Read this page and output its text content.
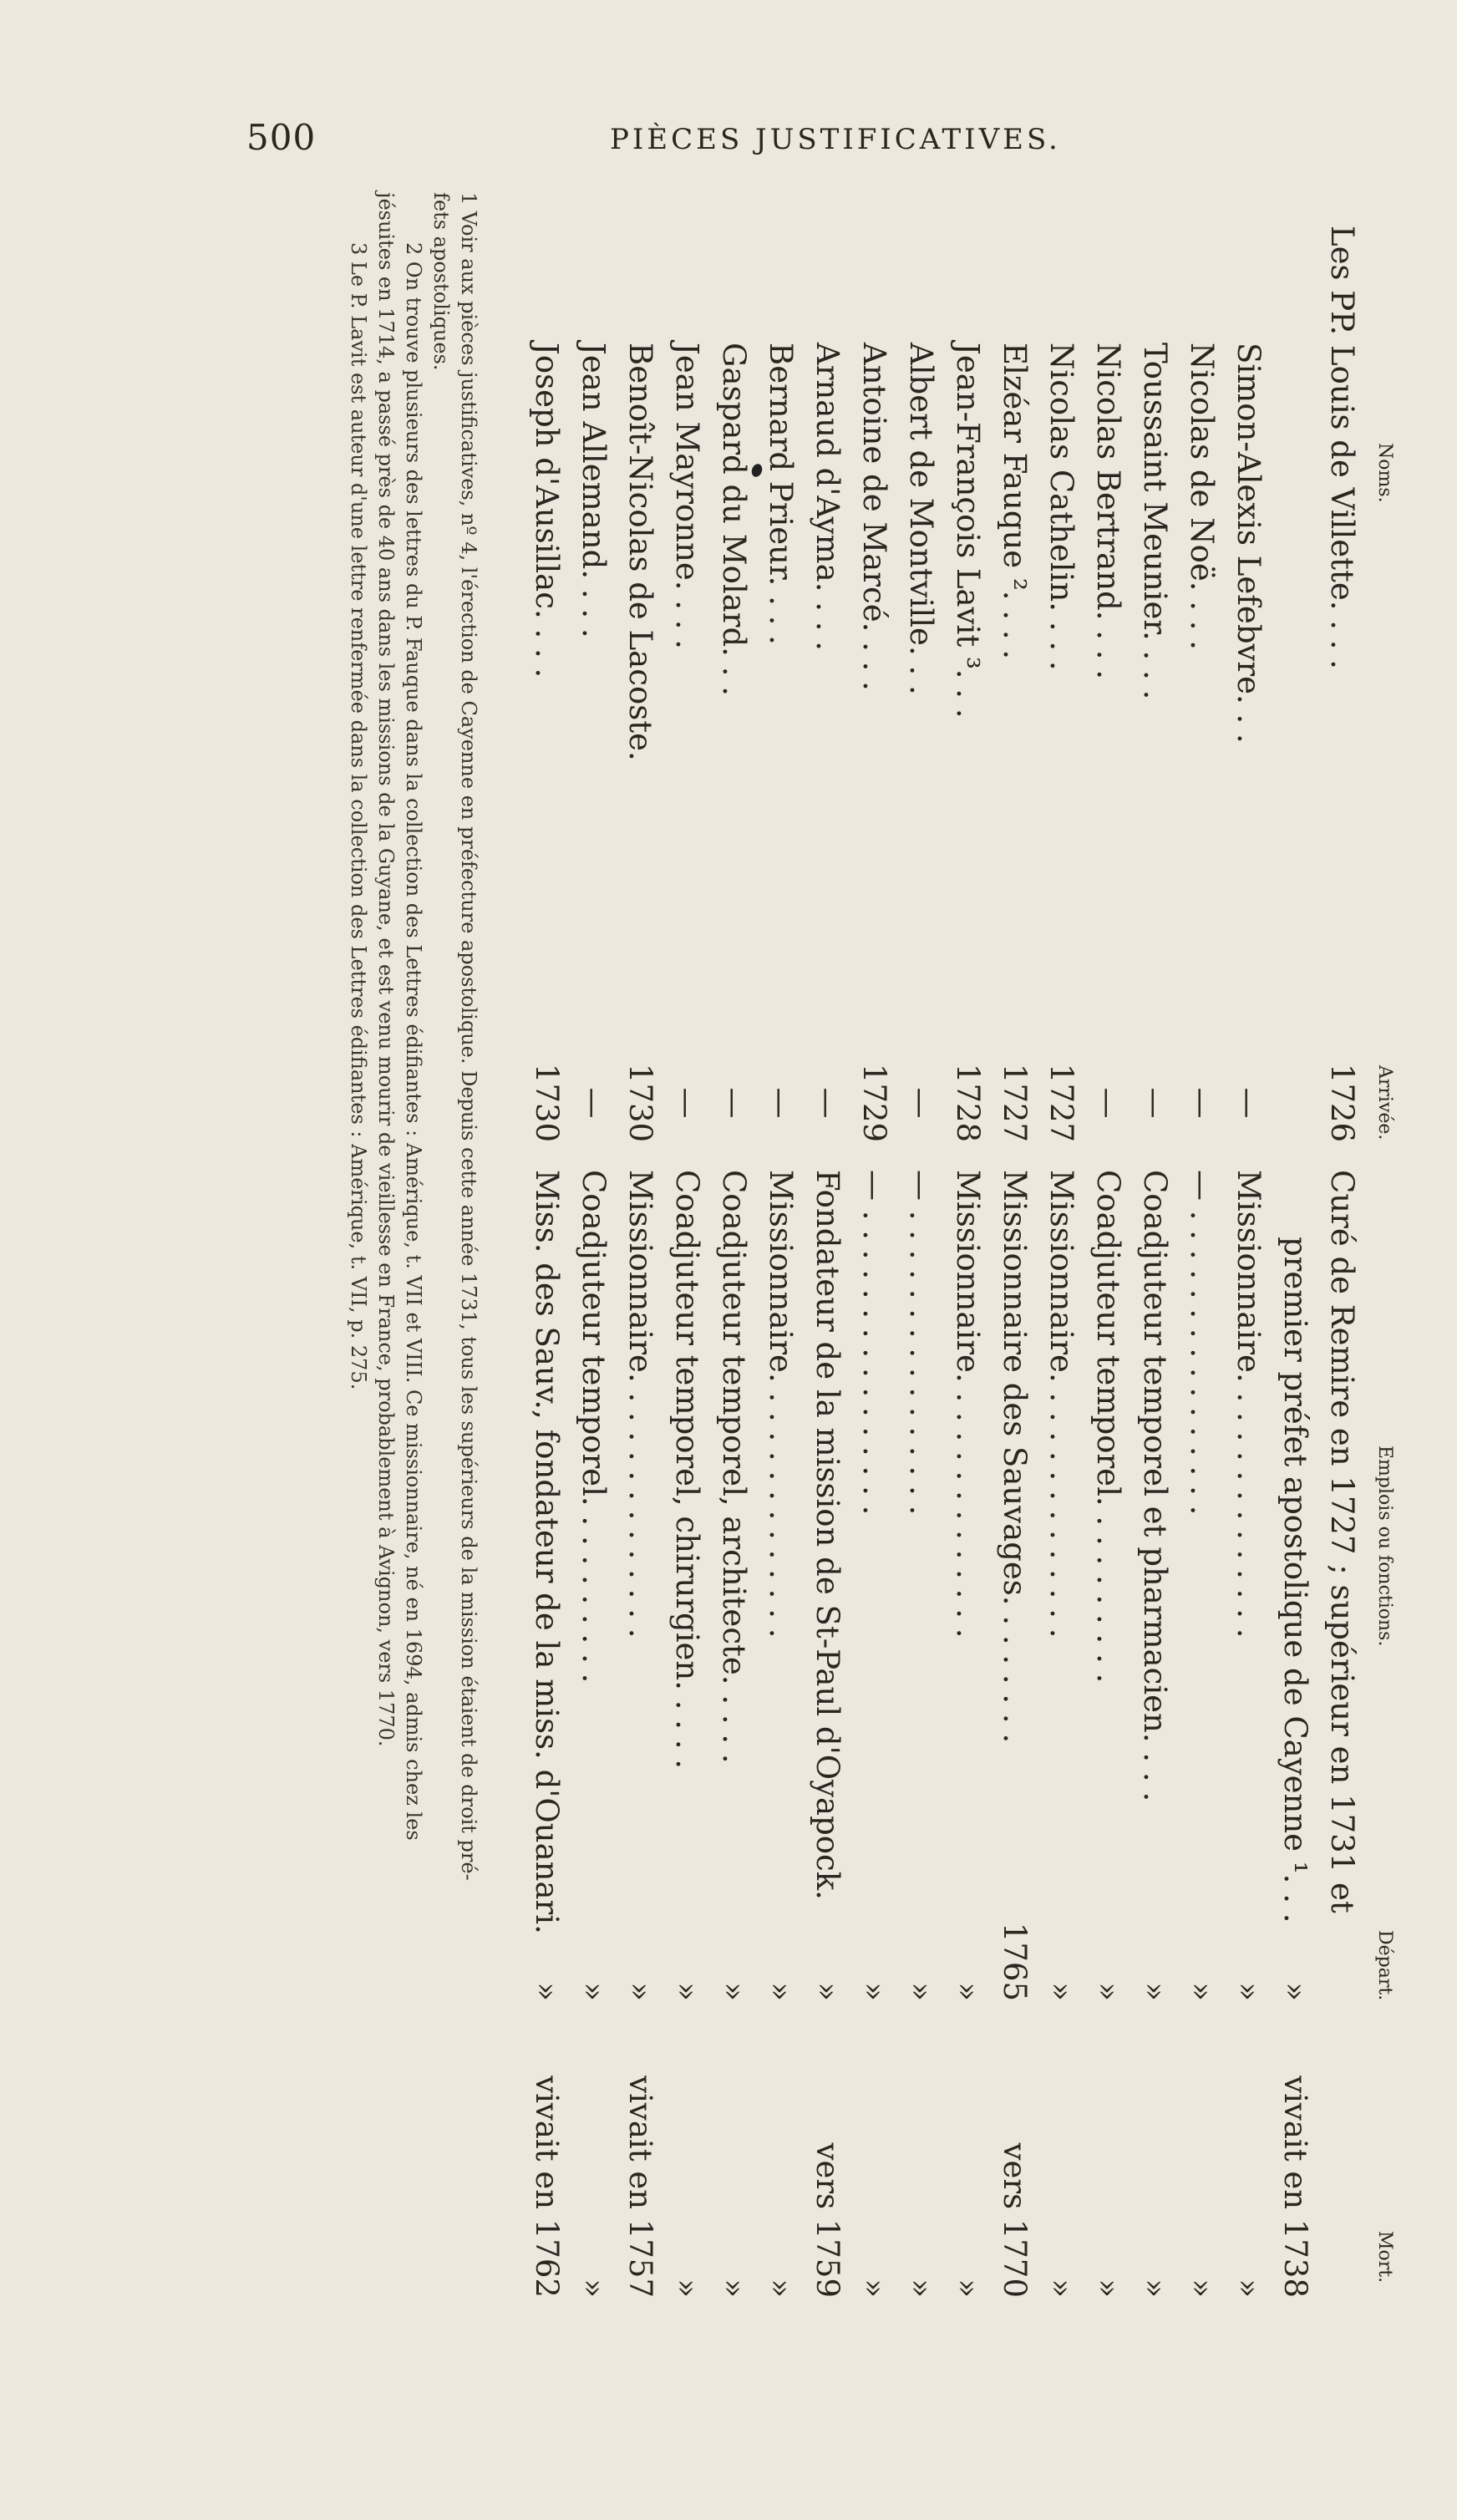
500	PIÈCES JUSTIFICATIVES.
Noms.
Arrivée.
Emplois ou fonctions.
Départ.
Mort.
Les PP. Louis de Villette. . . .
1726
Curé de Remire en 1727 ; supérieur en 1731 et
premier préfet apostolique de Cayenne ¹. . .
»
vivait en 1738
Simon-Alexis Lefebvre. . .
—
Missionnaire. . . . . . . . . . . . . .
»
»
Nicolas de Noë. . . .
—
— . . . . . . . . . . . . . . . .
»
»
Toussaint Meunier. . . .
—
Coadjuteur temporel et pharmacien. . . .
»
»
Nicolas Bertrand. . . .
—
Coadjuteur temporel. . . . . . . . . .
»
»
Nicolas Cathelin. . . .
1727
Missionnaire. . . . . . . . . . . . . .
»
»
Elzéar Fauque ². . . .
1727
Missionnaire des Sauvages. . . . . . . .
1765
vers 1770
Jean-François Lavit ³. . .
1728
Missionnaire. . . . . . . . . . . . . .
»
»
Albert de Montville. . .
—
— . . . . . . . . . . . . . . . .
»
»
Antoine de Marcé. . . .
1729
— . . . . . . . . . . . . . . . .
»
»
Arnaud d'Ayma. . . .
—
Fondateur de la mission de St-Paul d'Oyapock.
»
vers 1759
Bernard Prieur. . . .
—
Missionnaire. . . . . . . . . . . . . .
»
»
Gaspard du Molard. . .
—
Coadjuteur temporel, architecte. . . . .
»
»
Jean Mayronne. . . .
—
Coadjuteur temporel, chirurgien. . . . .
»
»
Benoît-Nicolas de Lacoste.
1730
Missionnaire. . . . . . . . . . . . . .
»
vivait en 1757
Jean Allemand. . . .
—
Coadjuteur temporel. . . . . . . . . .
»
»
Joseph d'Ausillac. . . .
1730
Miss. des Sauv., fondateur de la miss. d'Ouanari.
»
vivait en 1762
1 Voir aux pièces justificatives, nº 4, l'érection de Cayenne en préfecture apostolique. Depuis cette année 1731, tous les supérieurs de la mission étaient de droit pré-
fets apostoliques.
2 On trouve plusieurs des lettres du P. Fauque dans la collection des Lettres édifiantes : Amérique, t. VII et VIII. Ce missionnaire, né en 1694, admis chez les
jésuites en 1714, a passé près de 40 ans dans les missions de la Guyane, et est venu mourir de vieillesse en France, probablement à Avignon, vers 1770.
3 Le P. Lavit est auteur d'une lettre renfermée dans la collection des Lettres édifiantes : Amérique, t. VII, p. 275.
